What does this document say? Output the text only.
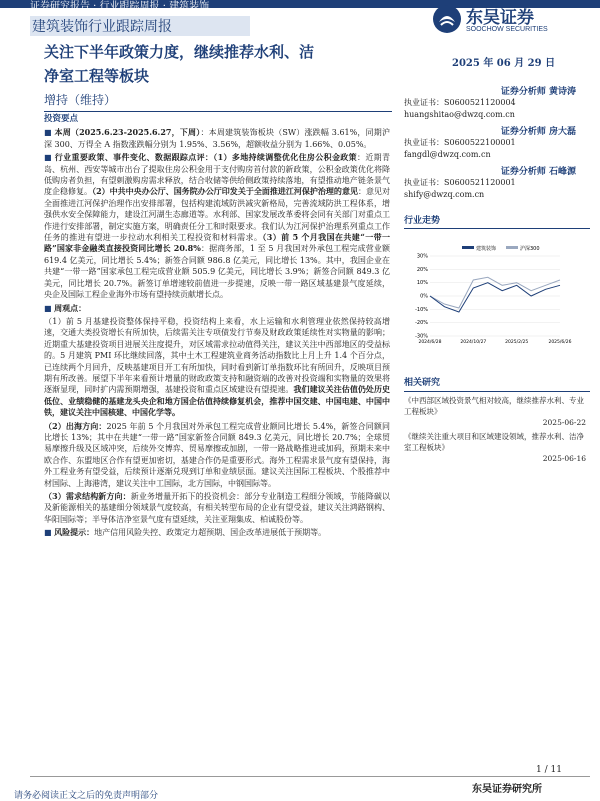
证券研究报告 · 行业跟踪周报 · 建筑装饰
建筑装饰行业跟踪周报	东吴证券
SOOCHOW SECURITIES
关注下半年政策力度，继续推荐水利、洁
净室工程等板块
2025 年 06 月 29 日
增持（维持）
投资要点

■ 本周（2025.6.23-2025.6.27，下周）：本周建筑装饰板块（SW）涨跌幅 3.61%，同期沪深 300、万得全 A 指数涨跌幅分别为 1.95%、3.56%，超额收益分别为 1.66%、0.05%。

■ 行业重要政策、事件变化、数据跟踪点评：（1）多地持续调整优化住房公积金政策：近期青岛、杭州、西安等城市出台了提取住房公积金用于支付购房首付款的新政策，公积金政策优化将降低购房者负担，有望刺激购房需求释放，结合收储等供给侧政策持续落地，有望推动地产链条景气度企稳修复。（2）中共中央办公厅、国务院办公厅印发关于全面推进江河保护治理的意见：意见对全面推进江河保护治理作出安排部署，包括构建流域防洪减灾新格局，完善流域防洪工程体系，增强供水安全保障能力，建设江河湖生态廊道等。水利部、国家发展改革委将会同有关部门对重点工作进行安排部署，制定实施方案，明确责任分工和时限要求。我们认为江河保护治理系列重点工作任务的推进有望进一步拉动水利相关工程投资和材料需求。（3）前 5 个月我国在共建“一带一路”国家非金融类直接投资同比增长 20.8%：据商务部，1 至 5 月我国对外承包工程完成营业额 619.4 亿美元，同比增长 5.4%；新签合同额 986.8 亿美元，同比增长 13%。其中，我国企业在共建“一带一路”国家承包工程完成营业额 505.9 亿美元，同比增长 3.9%；新签合同额 849.3 亿美元，同比增长 20.7%。新签订单增速较前值进一步提速，反映一带一路区域基建景气度延续，央企及国际工程企业海外市场有望持续贡献增长点。

■ 周观点：

（1）前 5 月基建投资整体保持平稳，投资结构上来看，水上运输和水利管理业依然保持较高增速，交通大类投资增长有所加快，后续需关注专项债发行节奏及财政政策延续性对实物量的影响；近期重大基建投资项目进展关注度提升，对区域需求拉动值得关注，建议关注中西部地区的受益标的。5 月建筑 PMI 环比继续回落，其中土木工程建筑业商务活动指数比上月上升 1.4 个百分点，已连续两个月回升，反映基建项目开工有所加快，同时看到新订单指数环比有所回升，反映项目预期有所改善。展望下半年来看预计增量的财政政策支持和融资端的改善对投资端和实物量的效果将逐渐显现，同时扩内需预期增强，基建投资和重点区域建设有望提速。我们建议关注估值仍处历史低位、业绩稳健的基建龙头央企和地方国企估值持续修复机会，推荐中国交建、中国电建、中国中铁，建议关注中国核建、中国化学等。

（2）出海方向：2025 年前 5 个月我国对外承包工程完成营业额同比增长 5.4%，新签合同额同比增长 13%；其中在共建“一带一路”国家新签合同额 849.3 亿美元，同比增长 20.7%；全球贸易摩擦升级及区域冲突，后续外交博弈、贸易摩擦或加剧，一带一路战略推进或加码，预期未来中欧合作、东盟地区合作有望更加密切，基建合作仍是重要形式。海外工程需求景气度有望保持，海外工程业务有望受益，后续预计逐渐兑现到订单和业绩层面。建议关注国际工程板块、个股推荐中材国际、上海港湾，建议关注中工国际，北方国际，中钢国际等。

（3）需求结构新方向：新业务增量开拓下的投资机会：部分专业制造工程细分领域，节能降碳以及新能源相关的基建细分领域景气度较高，有相关转型布局的企业有望受益，建议关注鸿路钢构、华阳国际等；半导体洁净室景气度有望延续，关注亚翔集成、柏诚股份等。

■ 风险提示：地产信用风险失控、政策定力超预期、国企改革进展低于预期等。

证券分析师 黄诗涛
执业证书：S0600521120004
huangshitao@dwzq.com.cn
证券分析师 房大磊
执业证书：S0600522100001
fangdl@dwzq.com.cn
证券分析师 石峰源
执业证书：S0600521120001
shify@dwzq.com.cn
行业走势
建筑装饰	沪深300
30%
20%
10%
0%
-10%
-20%
-30%
2024/6/28	2024/10/27	2025/2/25	2025/6/26
相关研究
《中西部区域投资景气相对较高，继续推荐水利、专业工程板块》
2025-06-22
《继续关注重大项目和区域建设领域，推荐水利、洁净室工程板块》
2025-06-16
1 / 11
东吴证券研究所
请务必阅读正文之后的免责声明部分
